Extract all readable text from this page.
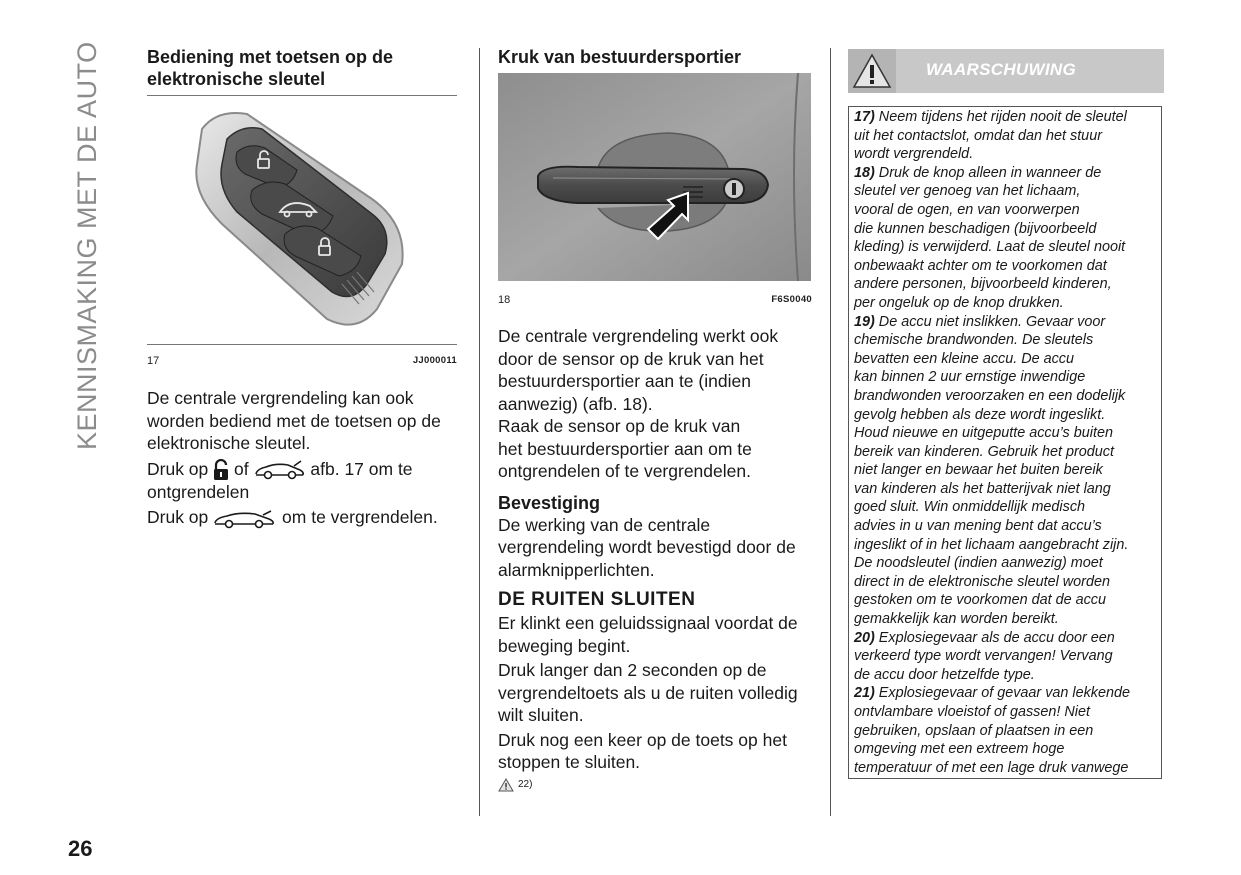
KENNISMAKING MET DE AUTO
26
Bediening met toetsen op de
elektronische sleutel
17	JJ000011

De centrale vergrendeling kan ook

worden bediend met de toetsen op de

elektronische sleutel.

Druk op of	afb. 17 om te
ontgrendelen

Druk op	om te vergrendelen.

Kruk van bestuurdersportier
18	F6S0040

De centrale vergrendeling werkt ook

door de sensor op de kruk van het

bestuurdersportier aan te (indien

aanwezig) (afb. 18).

Raak de sensor op de kruk van

het bestuurdersportier aan om te

ontgrendelen of te vergrendelen.

Bevestiging

De werking van de centrale

vergrendeling wordt bevestigd door de

alarmknipperlichten.

DE RUITEN SLUITEN

Er klinkt een geluidssignaal voordat de

beweging begint.

Druk langer dan 2 seconden op de

vergrendeltoets als u de ruiten volledig

wilt sluiten.

Druk nog een keer op de toets op het

stoppen te sluiten.

22)
WAARSCHUWING

17) Neem tijdens het rijden nooit de sleutel

uit het contactslot, omdat dan het stuur

wordt vergrendeld.

18) Druk de knop alleen in wanneer de

sleutel ver genoeg van het lichaam,

vooral de ogen, en van voorwerpen

die kunnen beschadigen (bijvoorbeeld

kleding) is verwijderd. Laat de sleutel nooit

onbewaakt achter om te voorkomen dat

andere personen, bijvoorbeeld kinderen,

per ongeluk op de knop drukken.

19) De accu niet inslikken. Gevaar voor

chemische brandwonden. De sleutels

bevatten een kleine accu. De accu

kan binnen 2 uur ernstige inwendige

brandwonden veroorzaken en een dodelijk

gevolg hebben als deze wordt ingeslikt.

Houd nieuwe en uitgeputte accu’s buiten

bereik van kinderen. Gebruik het product

niet langer en bewaar het buiten bereik

van kinderen als het batterijvak niet lang

goed sluit. Win onmiddellijk medisch

advies in u van mening bent dat accu’s

ingeslikt of in het lichaam aangebracht zijn.

De noodsleutel (indien aanwezig) moet

direct in de elektronische sleutel worden

gestoken om te voorkomen dat de accu

gemakkelijk kan worden bereikt.

20) Explosiegevaar als de accu door een

verkeerd type wordt vervangen! Vervang

de accu door hetzelfde type.

21) Explosiegevaar of gevaar van lekkende

ontvlambare vloeistof of gassen! Niet

gebruiken, opslaan of plaatsen in een

omgeving met een extreem hoge

temperatuur of met een lage druk vanwege
